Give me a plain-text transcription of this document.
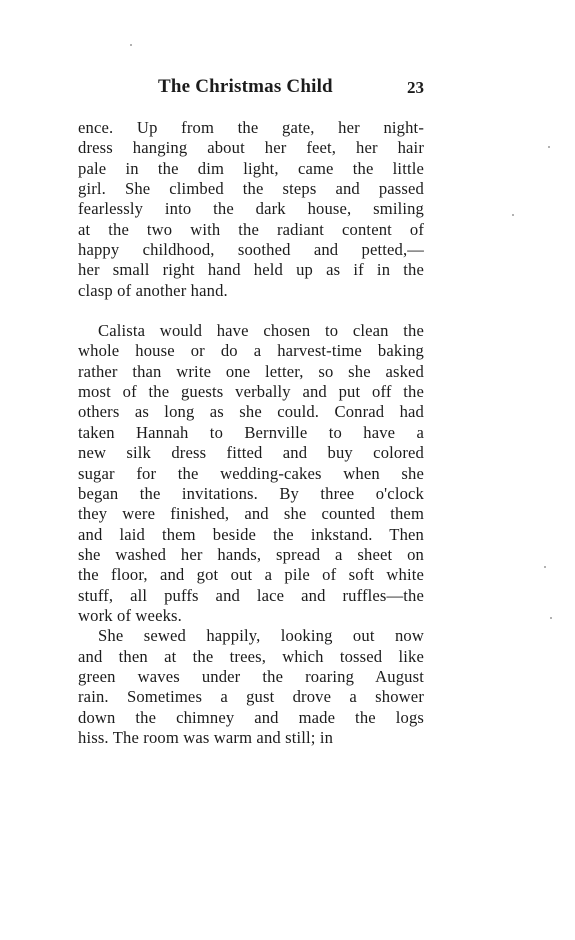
The Christmas Child	23
ence. Up from the gate, her night-
dress hanging about her feet, her hair
pale in the dim light, came the little
girl. She climbed the steps and passed
fearlessly into the dark house, smiling
at the two with the radiant content of
happy childhood, soothed and petted,—
her small right hand held up as if in the
clasp of another hand.
Calista would have chosen to clean the
whole house or do a harvest-time baking
rather than write one letter, so she asked
most of the guests verbally and put off the
others as long as she could. Conrad had
taken Hannah to Bernville to have a
new silk dress fitted and buy colored
sugar for the wedding-cakes when she
began the invitations. By three o'clock
they were finished, and she counted them
and laid them beside the inkstand. Then
she washed her hands, spread a sheet on
the floor, and got out a pile of soft white
stuff, all puffs and lace and ruffles—the
work of weeks.
She sewed happily, looking out now
and then at the trees, which tossed like
green waves under the roaring August
rain. Sometimes a gust drove a shower
down the chimney and made the logs
hiss. The room was warm and still; in
